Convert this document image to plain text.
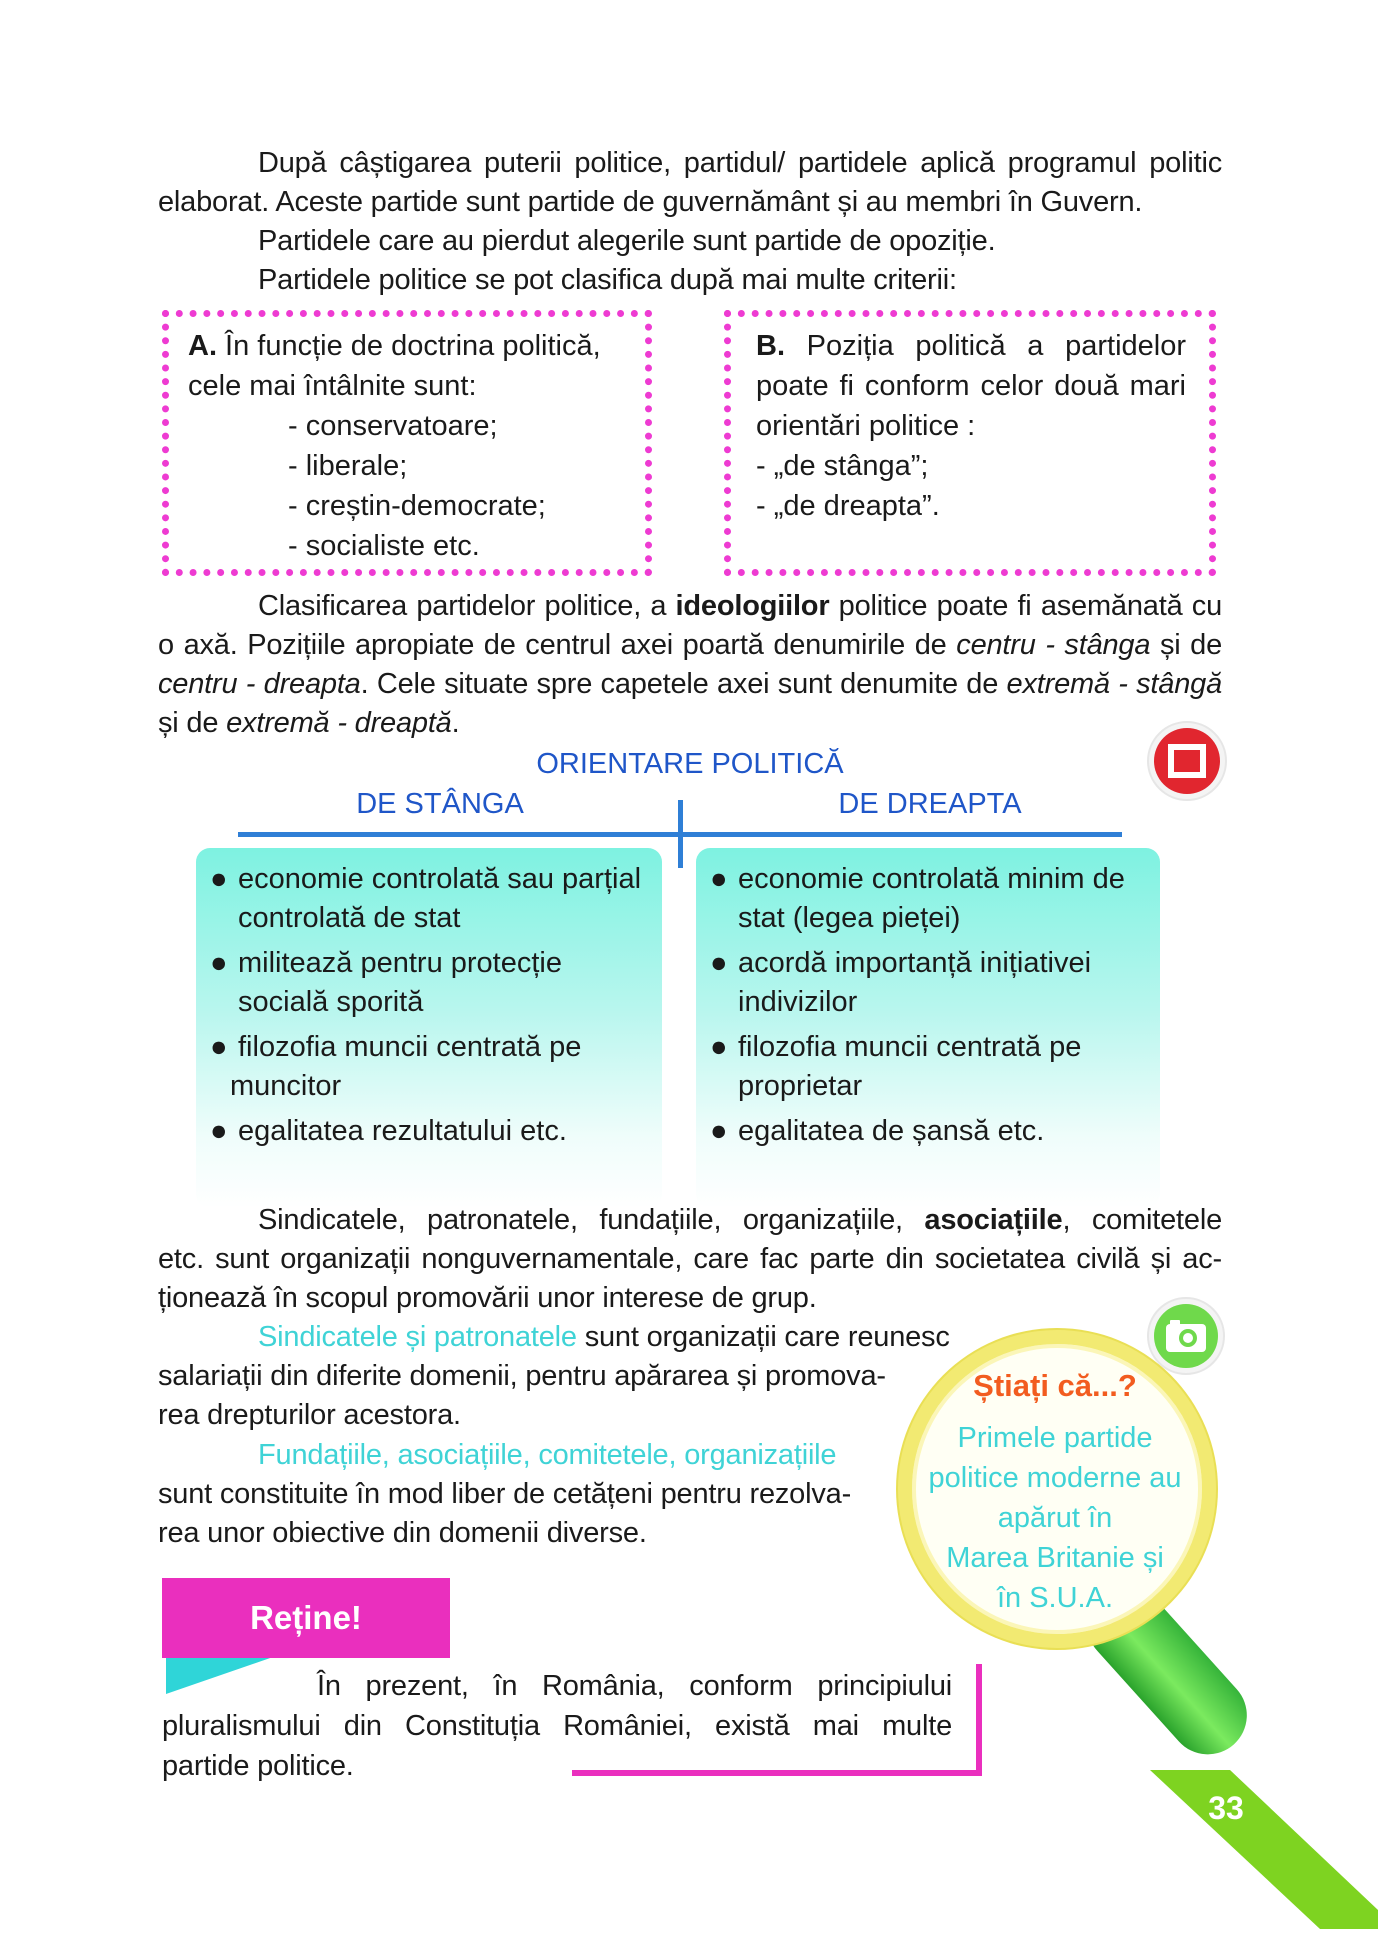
După câștigarea puterii politice, partidul/ partidele aplică programul politic
elaborat. Aceste partide sunt partide de guvernământ și au membri în Guvern.
Partidele care au pierdut alegerile sunt partide de opoziție.
Partidele politice se pot clasifica după mai multe criterii:
A. În funcție de doctrina politică,
cele mai întâlnite sunt:
- conservatoare;
- liberale;
- creștin-democrate;
- socialiste etc.
B. Poziția politică a partidelor
poate fi conform celor două mari
orientări politice :
- „de stânga”;
- „de dreapta”.
Clasificarea partidelor politice, a ideologiilor politice poate fi asemănată cu
o axă. Pozițiile apropiate de centrul axei poartă denumirile de centru - stânga și de
centru - dreapta. Cele situate spre capetele axei sunt denumite de extremă - stângă
și de extremă - dreaptă.
ORIENTARE POLITICĂ
DE STÂNGA	DE DREAPTA
● economie controlată sau parțial
controlată de stat
● militează pentru protecție
socială sporită
● filozofia muncii centrată pe
muncitor
● egalitatea rezultatului etc.
● economie controlată minim de
stat (legea pieței)
● acordă importanță inițiativei
indivizilor
● filozofia muncii centrată pe
proprietar
● egalitatea de șansă etc.
Sindicatele, patronatele, fundațiile, organizațiile, asociațiile, comitetele
etc. sunt organizații nonguvernamentale, care fac parte din societatea civilă și ac-
ționează în scopul promovării unor interese de grup.
Sindicatele și patronatele sunt organizații care reunesc
salariații din diferite domenii, pentru apărarea și promova-
rea drepturilor acestora.
Fundațiile, asociațiile, comitetele, organizațiile
sunt constituite în mod liber de cetățeni pentru rezolva-
rea unor obiective din domenii diverse.
Știați că...?
Primele partide
politice moderne au
apărut în
Marea Britanie și
în S.U.A.
Reține!
În prezent, în România, conform principiului
pluralismului din Constituția României, există mai multe
partide politice.
33
